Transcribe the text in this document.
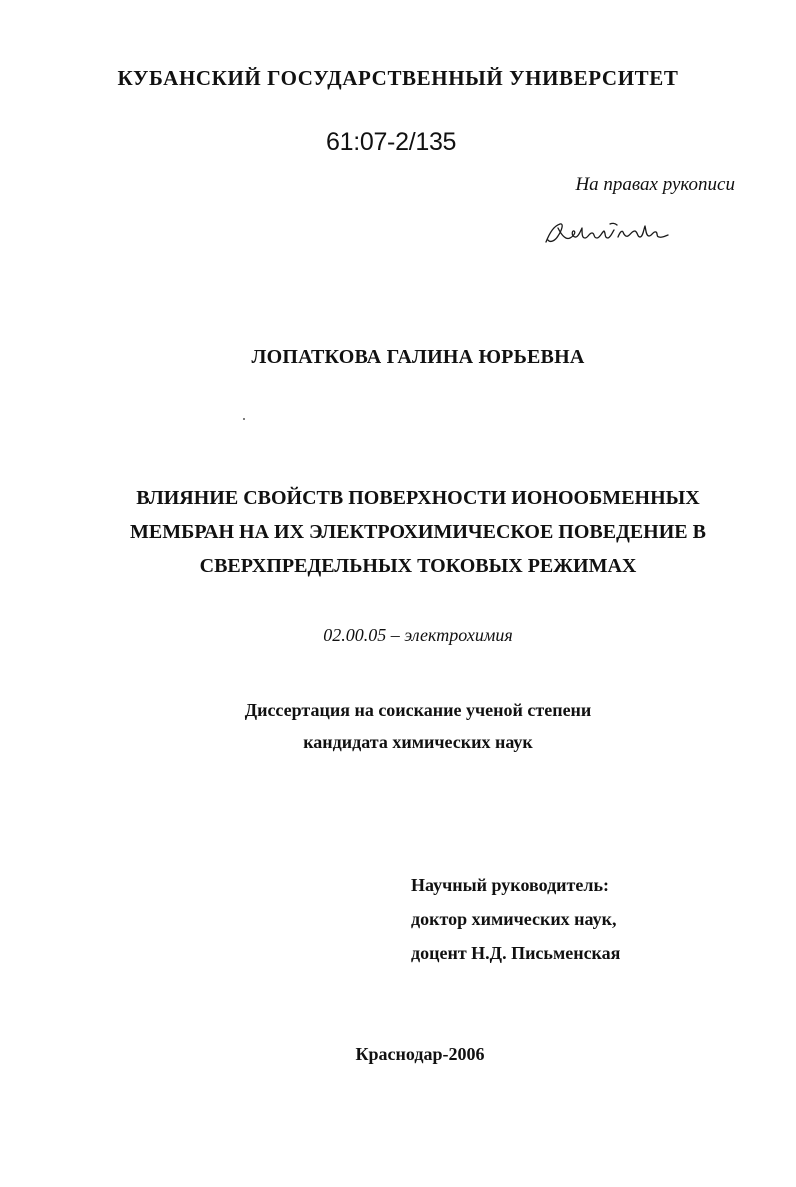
КУБАНСКИЙ ГОСУДАРСТВЕННЫЙ УНИВЕРСИТЕТ
61:07-2/135
На правах рукописи
ЛОПАТКОВА ГАЛИНА ЮРЬЕВНА
ВЛИЯНИЕ СВОЙСТВ ПОВЕРХНОСТИ ИОНООБМЕННЫХ
МЕМБРАН НА ИХ ЭЛЕКТРОХИМИЧЕСКОЕ ПОВЕДЕНИЕ В
СВЕРХПРЕДЕЛЬНЫХ ТОКОВЫХ РЕЖИМАХ
02.00.05 – электрохимия
Диссертация на соискание ученой степени
кандидата химических наук
Научный руководитель:
доктор химических наук,
доцент Н.Д. Письменская
Краснодар-2006
